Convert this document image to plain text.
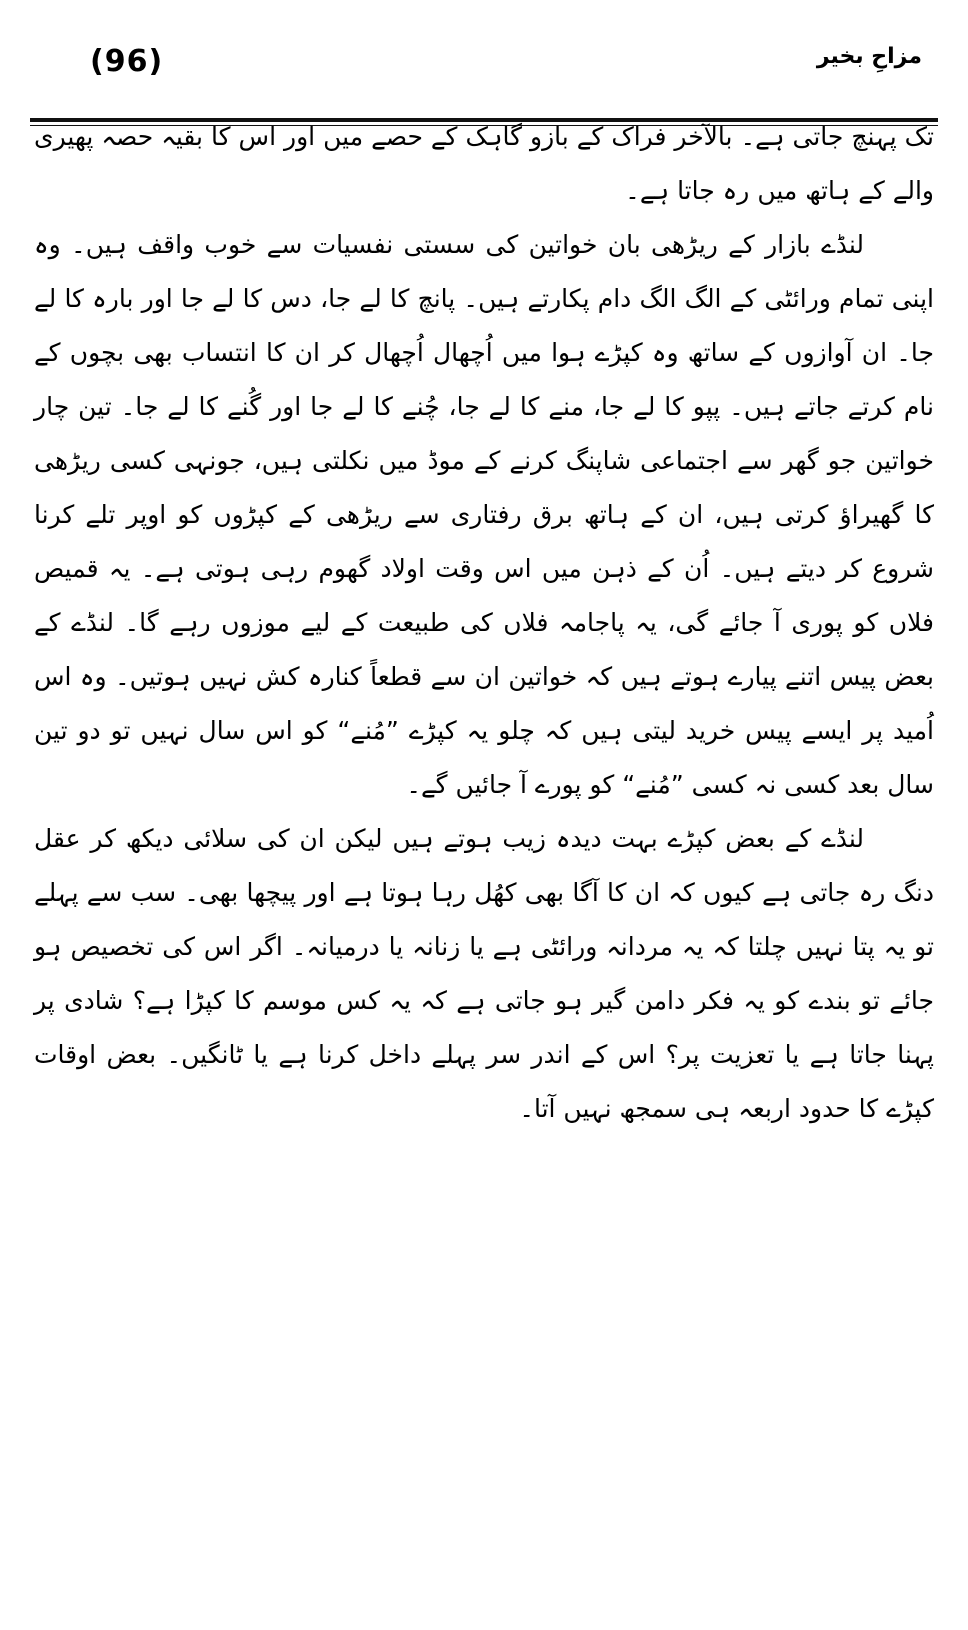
(96)	مزاحِ بخیر

تک پہنچ جاتی ہے۔ بالآخر فراک کے بازو گاہک کے حصے میں اور اس کا بقیہ حصہ پھیری والے کے ہاتھ میں رہ جاتا ہے۔

لنڈے بازار کے ریڑھی بان خواتین کی سستی نفسیات سے خوب واقف ہیں۔ وہ اپنی تمام ورائٹی کے الگ الگ دام پکارتے ہیں۔ پانچ کا لے جا، دس کا لے جا اور بارہ کا لے جا۔ ان آوازوں کے ساتھ وہ کپڑے ہوا میں اُچھال اُچھال کر ان کا انتساب بھی بچوں کے نام کرتے جاتے ہیں۔ پپو کا لے جا، منے کا لے جا، چُنے کا لے جا اور گُنے کا لے جا۔ تین چار خواتین جو گھر سے اجتماعی شاپنگ کرنے کے موڈ میں نکلتی ہیں، جونہی کسی ریڑھی کا گھیراؤ کرتی ہیں، ان کے ہاتھ برق رفتاری سے ریڑھی کے کپڑوں کو اوپر تلے کرنا شروع کر دیتے ہیں۔ اُن کے ذہن میں اس وقت اولاد گھوم رہی ہوتی ہے۔ یہ قمیص فلاں کو پوری آ جائے گی، یہ پاجامہ فلاں کی طبیعت کے لیے موزوں رہے گا۔ لنڈے کے بعض پیس اتنے پیارے ہوتے ہیں کہ خواتین ان سے قطعاً کنارہ کش نہیں ہوتیں۔ وہ اس اُمید پر ایسے پیس خرید لیتی ہیں کہ چلو یہ کپڑے ”مُنے“ کو اس سال نہیں تو دو تین سال بعد کسی نہ کسی ”مُنے“ کو پورے آ جائیں گے۔

لنڈے کے بعض کپڑے بہت دیدہ زیب ہوتے ہیں لیکن ان کی سلائی دیکھ کر عقل دنگ رہ جاتی ہے کیوں کہ ان کا آگا بھی کھُل رہا ہوتا ہے اور پیچھا بھی۔ سب سے پہلے تو یہ پتا نہیں چلتا کہ یہ مردانہ ورائٹی ہے یا زنانہ یا درمیانہ۔ اگر اس کی تخصیص ہو جائے تو بندے کو یہ فکر دامن گیر ہو جاتی ہے کہ یہ کس موسم کا کپڑا ہے؟ شادی پر پہنا جاتا ہے یا تعزیت پر؟ اس کے اندر سر پہلے داخل کرنا ہے یا ٹانگیں۔ بعض اوقات کپڑے کا حدود اربعہ ہی سمجھ نہیں آتا۔
